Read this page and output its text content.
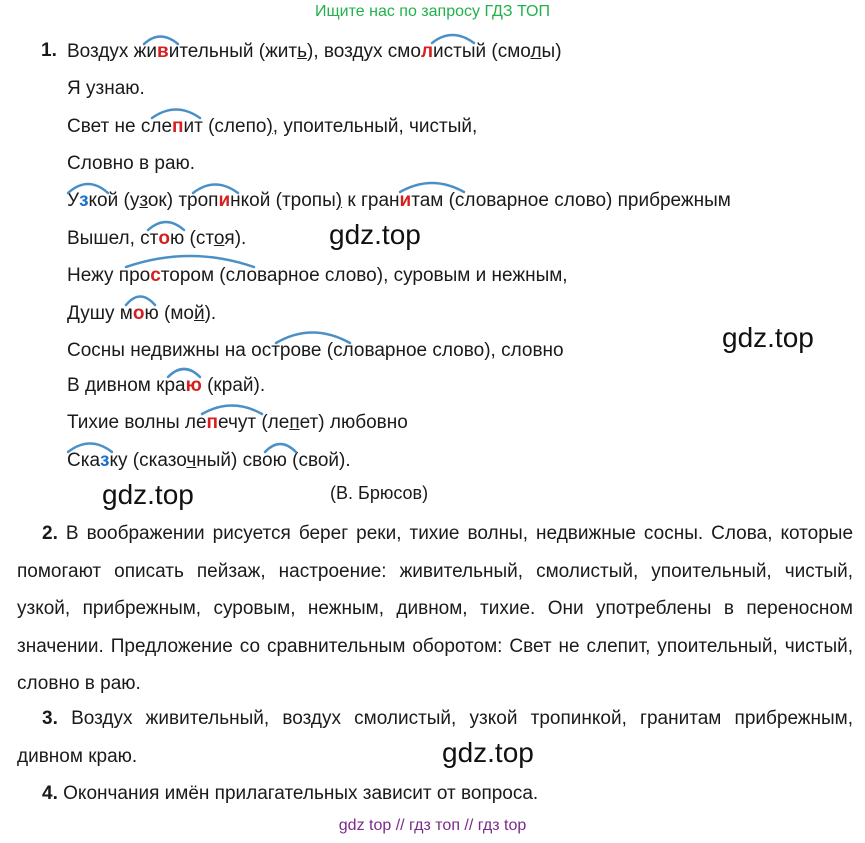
Ищите нас по запросу ГДЗ ТОП
1. Воздух живительный (жить), воздух смолистый (смолы)
Я узнаю.
Свет не слепит (слепо), упоительный, чистый,
Словно в раю.
Узкой (узок) тропинкой (тропы) к гранитам (словарное слово) прибрежным
Вышел, стою (стоя).
Нежу простором (словарное слово), суровым и нежным,
Душу мою (мой).
Сосны недвижны на острове (словарное слово), словно
В дивном краю (край).
Тихие волны лепечут (лепет) любовно
Сказку (сказочный) свою (свой).
(В. Брюсов)
2. В воображении рисуется берег реки, тихие волны, недвижные сосны. Слова, которые помогают описать пейзаж, настроение: живительный, смолистый, упоительный, чистый, узкой, прибрежным, суровым, нежным, дивном, тихие. Они употреблены в переносном значении. Предложение со сравнительным оборотом: Свет не слепит, упоительный, чистый, словно в раю.
3. Воздух живительный, воздух смолистый, узкой тропинкой, гранитам прибрежным, дивном краю.
4. Окончания имён прилагательных зависит от вопроса.
gdz.top
gdz.top
gdz.top
gdz.top
gdz top // гдз топ // гдз top
